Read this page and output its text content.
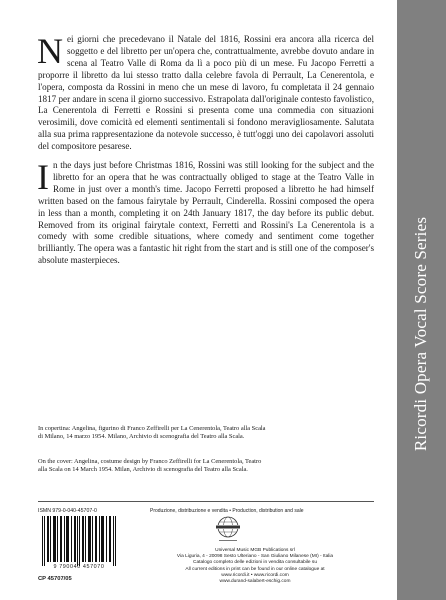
Nei giorni che precedevano il Natale del 1816, Rossini era ancora alla ricerca del soggetto e del libretto per un'opera che, contrattualmente, avrebbe dovuto andare in scena al Teatro Valle di Roma da lì a poco più di un mese. Fu Jacopo Ferretti a proporre il libretto da lui stesso tratto dalla celebre favola di Perrault, La Cenerentola, e l'opera, composta da Rossini in meno che un mese di lavoro, fu completata il 24 gennaio 1817 per andare in scena il giorno successivo. Estrapolata dall'originale contesto favolistico, La Cenerentola di Ferretti e Rossini si presenta come una commedia con situazioni verosimili, dove comicità ed elementi sentimentali si fondono meravigliosamente. Salutata alla sua prima rappresentazione da notevole successo, è tutt'oggi uno dei capolavori assoluti del compositore pesarese.

In the days just before Christmas 1816, Rossini was still looking for the subject and the libretto for an opera that he was contractually obliged to stage at the Teatro Valle in Rome in just over a month's time. Jacopo Ferretti proposed a libretto he had himself written based on the famous fairytale by Perrault, Cinderella. Rossini composed the opera in less than a month, completing it on 24th January 1817, the day before its public debut. Removed from its original fairytale context, Ferretti and Rossini's La Cenerentola is a comedy with some credible situations, where comedy and sentiment come together brilliantly. The opera was a fantastic hit right from the start and is still one of the composer's absolute masterpieces.

In copertina: Angelina, figurino di Franco Zeffirelli per La Cenerentola, Teatro alla Scala di Milano, 14 marzo 1954. Milano, Archivio di scenografia del Teatro alla Scala.

On the cover: Angelina, costume design by Franco Zeffirelli for La Cenerentola, Teatro alla Scala on 14 March 1954. Milan, Archivio di scenografia del Teatro alla Scala.

ISMN 979-0-040-45707-0
9 790040 457070
CP 45707/05
Produzione, distribuzione e vendita • Production, distribution and sale
Universal Music MGB Publications srl
Via Liguria, 4 - 20098 Sesto Ulteriano - San Giuliano Milanese (MI) - Italia
Catalogo completo delle edizioni in vendita consultabile su
All current editions in print can be found in our online catalogue at
www.ricordi.it • www.ricordi.com
www.durand-salabert-eschig.com
Ricordi Opera Vocal Score Series
